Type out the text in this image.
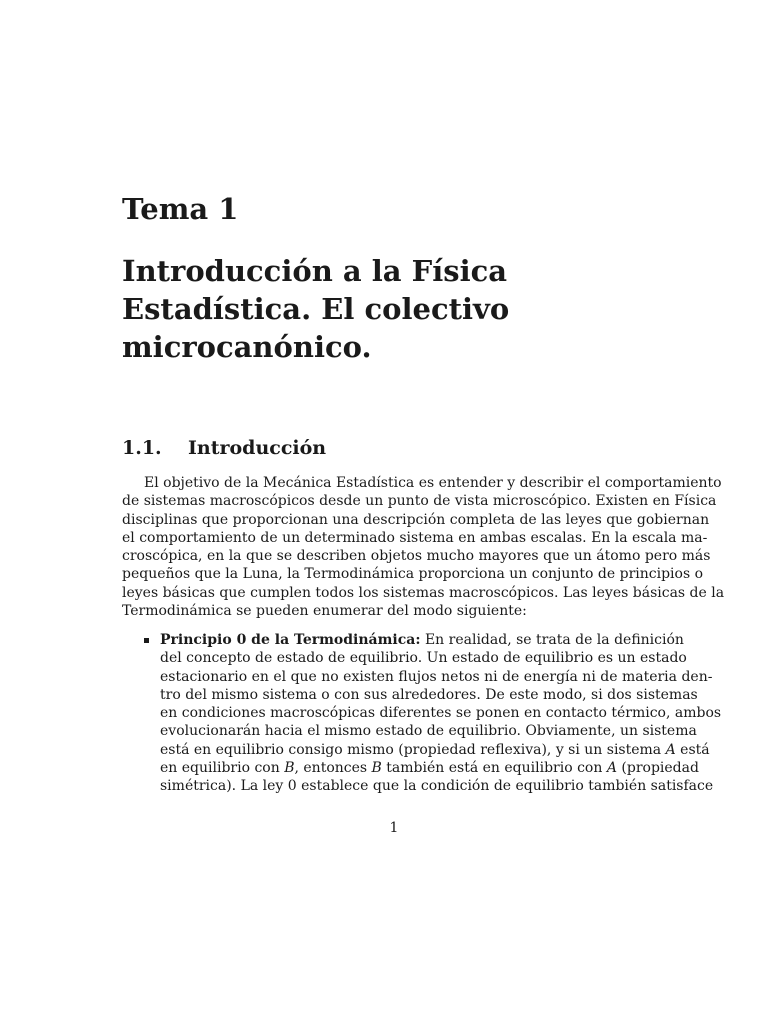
Tema 1
Introducción a la Física
Estadística. El colectivo
microcanónico.
1.1. Introducción

El objetivo de la Mecánica Estadística es entender y describir el comportamiento
de sistemas macroscópicos desde un punto de vista microscópico. Existen en Física
disciplinas que proporcionan una descripción completa de las leyes que gobiernan
el comportamiento de un determinado sistema en ambas escalas. En la escala ma-
croscópica, en la que se describen objetos mucho mayores que un átomo pero más
pequeños que la Luna, la Termodinámica proporciona un conjunto de principios o
leyes básicas que cumplen todos los sistemas macroscópicos. Las leyes básicas de la
Termodinámica se pueden enumerar del modo siguiente:

Principio 0 de la Termodinámica: En realidad, se trata de la definición
del concepto de estado de equilibrio. Un estado de equilibrio es un estado
estacionario en el que no existen flujos netos ni de energía ni de materia den-
tro del mismo sistema o con sus alrededores. De este modo, si dos sistemas
en condiciones macroscópicas diferentes se ponen en contacto térmico, ambos
evolucionarán hacia el mismo estado de equilibrio. Obviamente, un sistema
está en equilibrio consigo mismo (propiedad reflexiva), y si un sistema A está
en equilibrio con B, entonces B también está en equilibrio con A (propiedad
simétrica). La ley 0 establece que la condición de equilibrio también satisface

1
